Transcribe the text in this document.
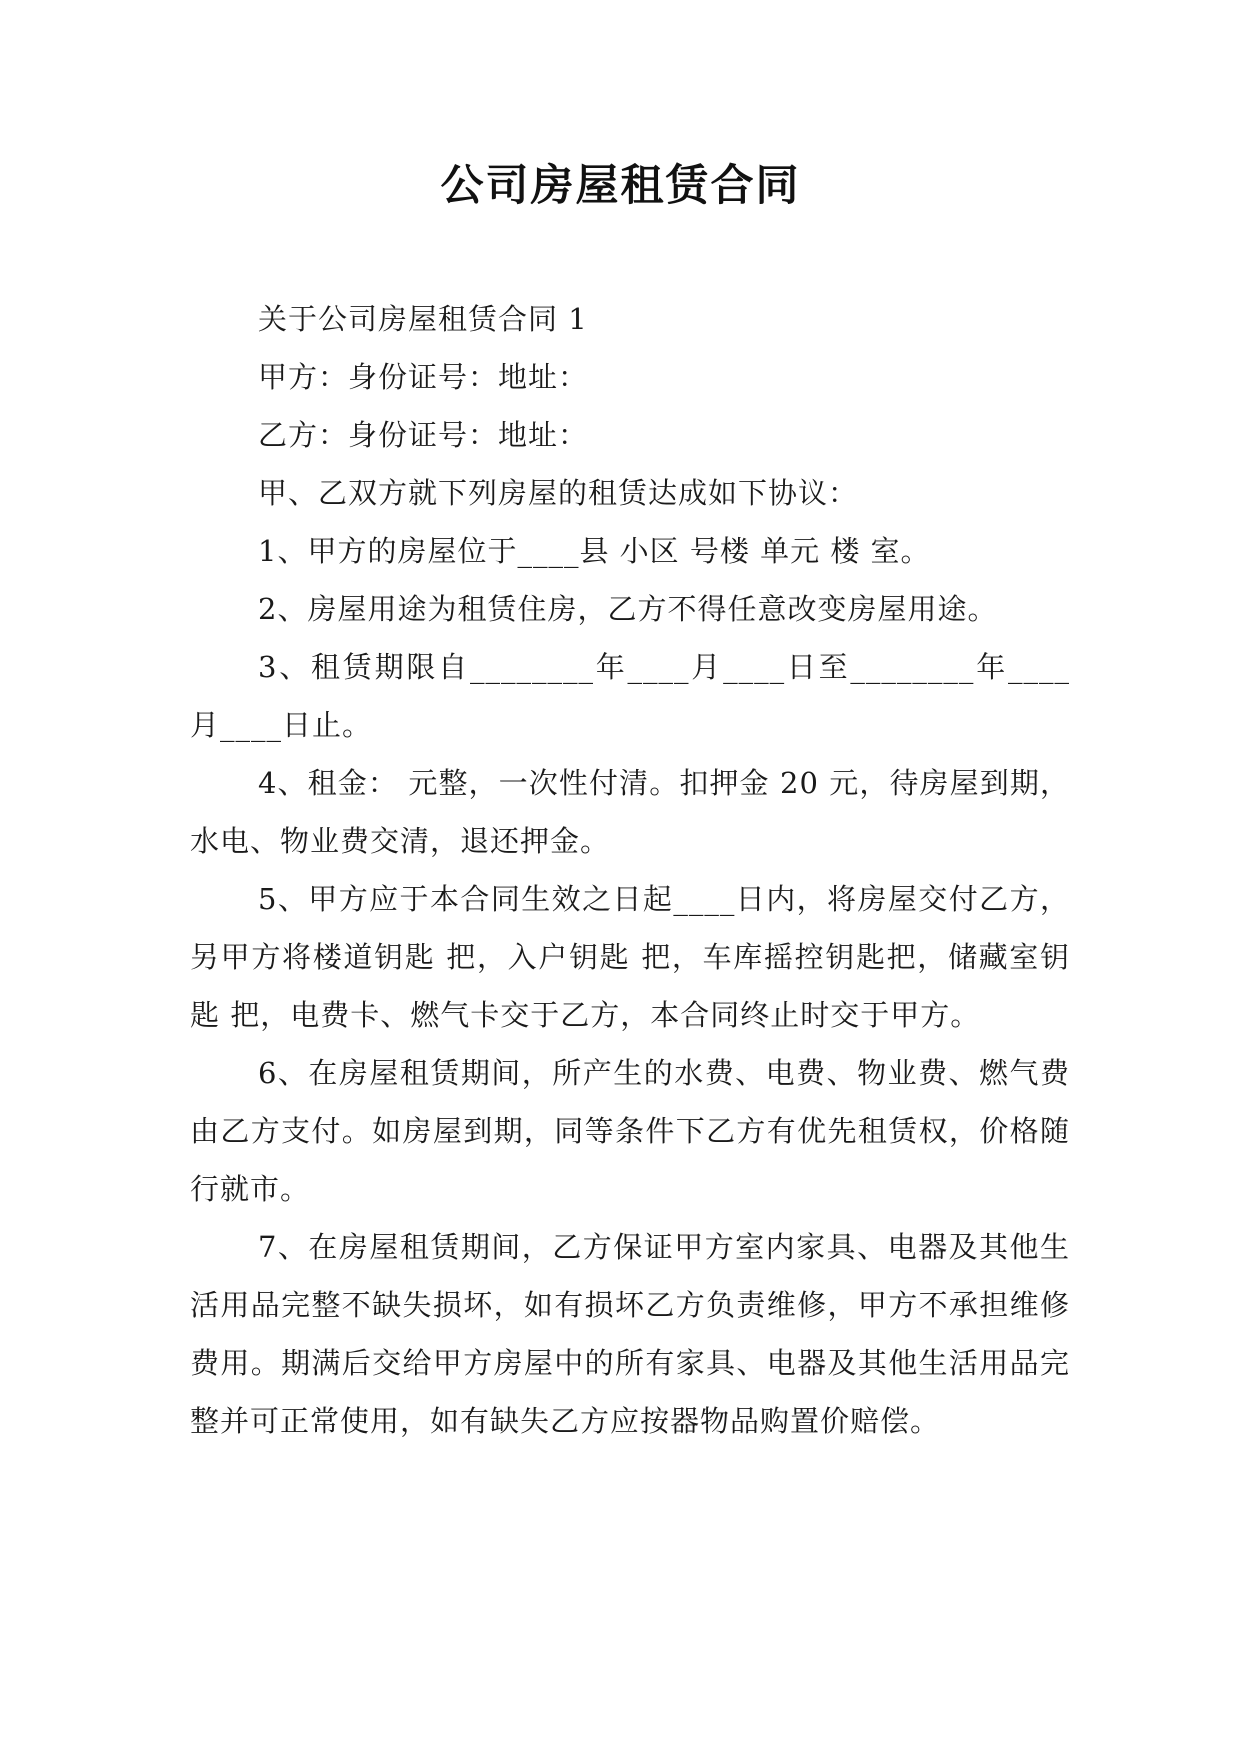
公司房屋租赁合同

关于公司房屋租赁合同 1

甲方：身份证号：地址：

乙方：身份证号：地址：

甲、乙双方就下列房屋的租赁达成如下协议：

1、甲方的房屋位于____县 小区 号楼 单元 楼 室。

2、房屋用途为租赁住房，乙方不得任意改变房屋用途。

3、租赁期限自________年____月____日至________年____月____日止。

4、租金： 元整，一次性付清。扣押金 20 元，待房屋到期，水电、物业费交清，退还押金。

5、甲方应于本合同生效之日起____日内，将房屋交付乙方，另甲方将楼道钥匙 把，入户钥匙 把，车库摇控钥匙把，储藏室钥匙 把，电费卡、燃气卡交于乙方，本合同终止时交于甲方。

6、在房屋租赁期间，所产生的水费、电费、物业费、燃气费由乙方支付。如房屋到期，同等条件下乙方有优先租赁权，价格随行就市。

7、在房屋租赁期间，乙方保证甲方室内家具、电器及其他生活用品完整不缺失损坏，如有损坏乙方负责维修，甲方不承担维修费用。期满后交给甲方房屋中的所有家具、电器及其他生活用品完整并可正常使用，如有缺失乙方应按器物品购置价赔偿。
